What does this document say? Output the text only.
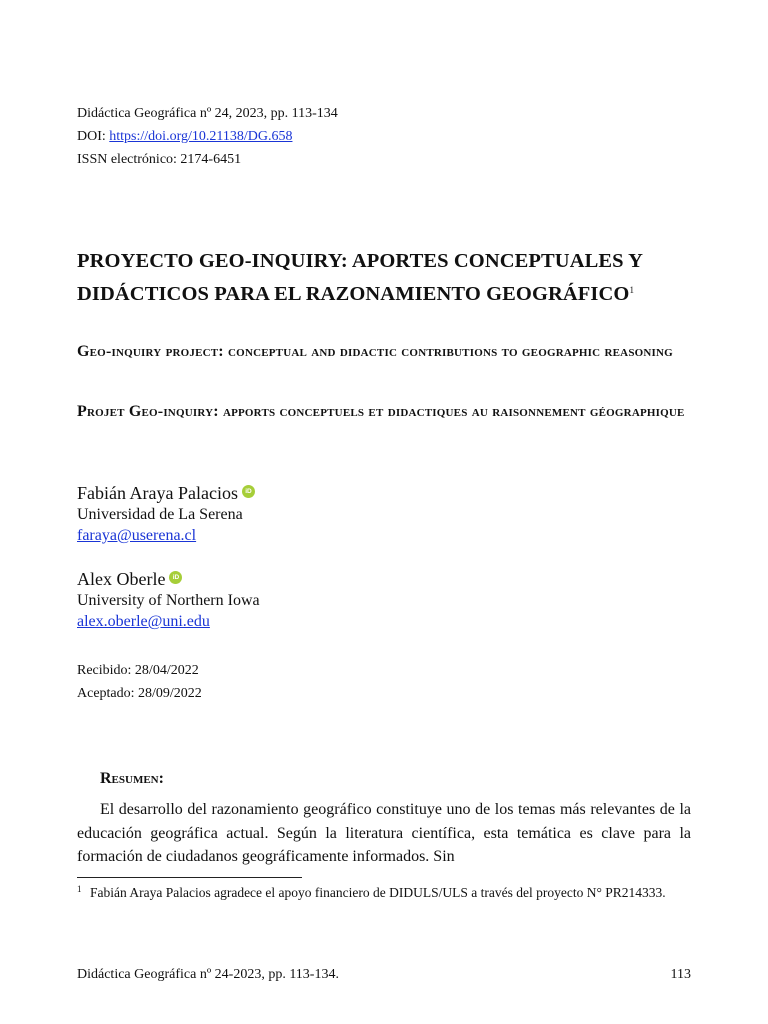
Didáctica Geográfica nº 24, 2023, pp. 113-134
DOI: https://doi.org/10.21138/DG.658
ISSN electrónico: 2174-6451
PROYECTO GEO-INQUIRY: APORTES CONCEPTUALES Y DIDÁCTICOS PARA EL RAZONAMIENTO GEOGRÁFICO$^1$
Geo-inquiry project: conceptual and didactic contributions to geographic reasoning
Projet Geo-inquiry: apports conceptuels et didactiques au raisonnement géographique
Fabián Araya Palacios iD
Universidad de La Serena
faraya@userena.cl
Alex Oberle iD
University of Northern Iowa
alex.oberle@uni.edu
Recibido: 28/04/2022
Aceptado: 28/09/2022
Resumen:

El desarrollo del razonamiento geográfico constituye uno de los temas más relevantes de la educación geográfica actual. Según la literatura científica, esta temática es clave para la formación de ciudadanos geográficamente informados. Sin

1 Fabián Araya Palacios agradece el apoyo financiero de DIDULS/ULS a través del proyecto N° PR214333.
Didáctica Geográfica nº 24-2023, pp. 113-134.	113
